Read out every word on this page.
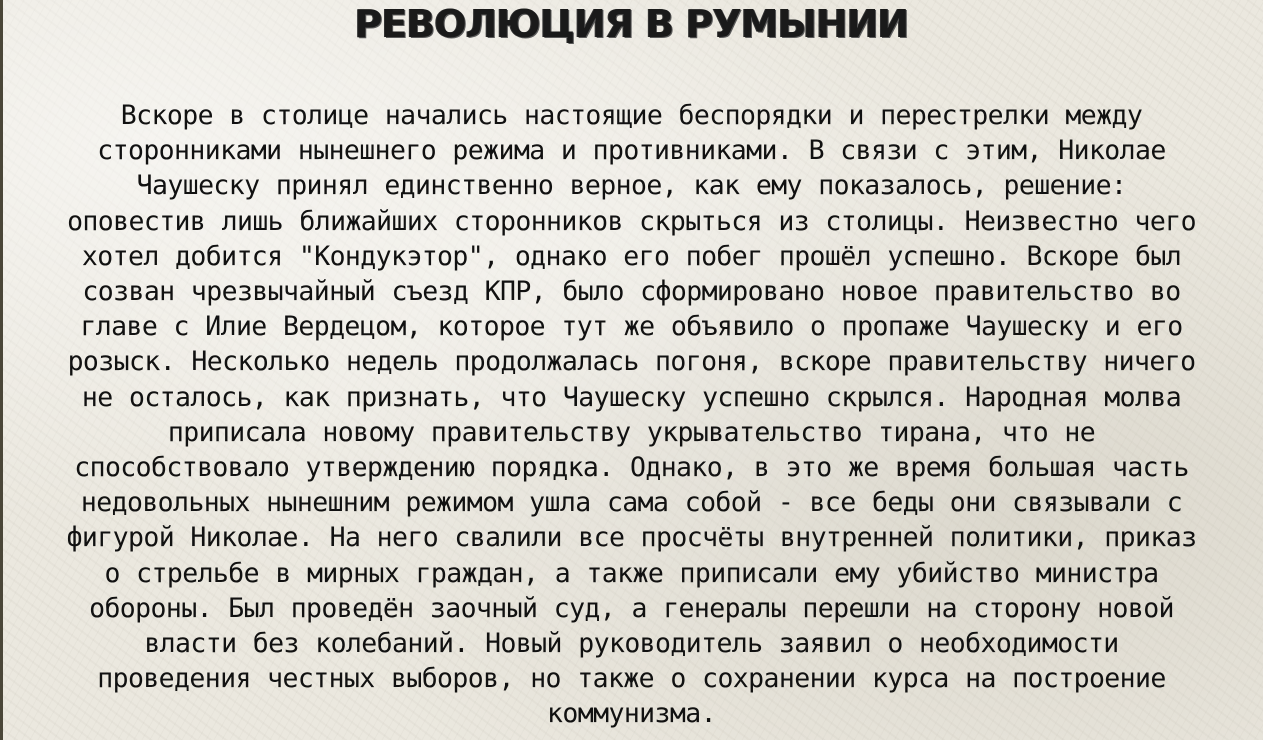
РЕВОЛЮЦИЯ В РУМЫНИИ
Вскоре в столице начались настоящие беспорядки и перестрелки между
сторонниками нынешнего режима и противниками. В связи с этим, Николае
Чаушеску принял единственно верное, как ему показалось, решение:
оповестив лишь ближайших сторонников скрыться из столицы. Неизвестно чего
хотел добится "Кондукэтор", однако его побег прошёл успешно. Вскоре был
созван чрезвычайный съезд КПР, было сформировано новое правительство во
главе с Илие Вердецом, которое тут же объявило о пропаже Чаушеску и его
розыск. Несколько недель продолжалась погоня, вскоре правительству ничего
не осталось, как признать, что Чаушеску успешно скрылся. Народная молва
приписала новому правительству укрывательство тирана, что не
способствовало утверждению порядка. Однако, в это же время большая часть
недовольных нынешним режимом ушла сама собой - все беды они связывали с
фигурой Николае. На него свалили все просчёты внутренней политики, приказ
о стрельбе в мирных граждан, а также приписали ему убийство министра
обороны. Был проведён заочный суд, а генералы перешли на сторону новой
власти без колебаний. Новый руководитель заявил о необходимости
проведения честных выборов, но также о сохранении курса на построение
коммунизма.
